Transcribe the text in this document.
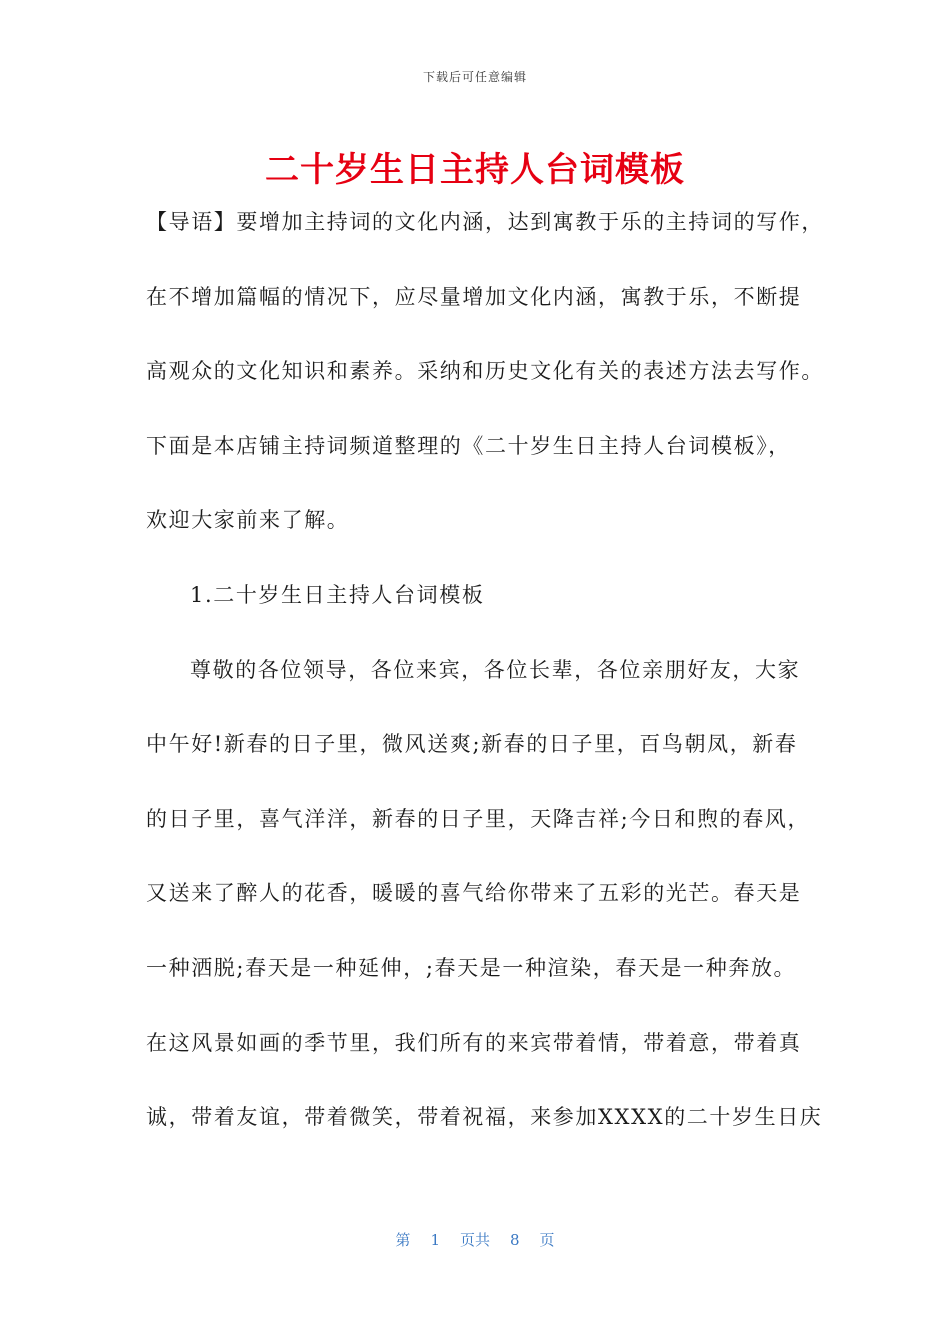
下载后可任意编辑
二十岁生日主持人台词模板
【导语】要增加主持词的文化内涵，达到寓教于乐的主持词的写作，
在不增加篇幅的情况下，应尽量增加文化内涵，寓教于乐，不断提
高观众的文化知识和素养。采纳和历史文化有关的表述方法去写作。
下面是本店铺主持词频道整理的《二十岁生日主持人台词模板》，
欢迎大家前来了解。
1.二十岁生日主持人台词模板
尊敬的各位领导，各位来宾，各位长辈，各位亲朋好友，大家
中午好!新春的日子里，微风送爽;新春的日子里，百鸟朝凤，新春
的日子里，喜气洋洋，新春的日子里，天降吉祥;今日和煦的春风，
又送来了醉人的花香，暖暖的喜气给你带来了五彩的光芒。春天是
一种洒脱;春天是一种延伸，;春天是一种渲染，春天是一种奔放。
在这风景如画的季节里，我们所有的来宾带着情，带着意，带着真
诚，带着友谊，带着微笑，带着祝福，来参加XXXX的二十岁生日庆
第 1 页共 8 页
